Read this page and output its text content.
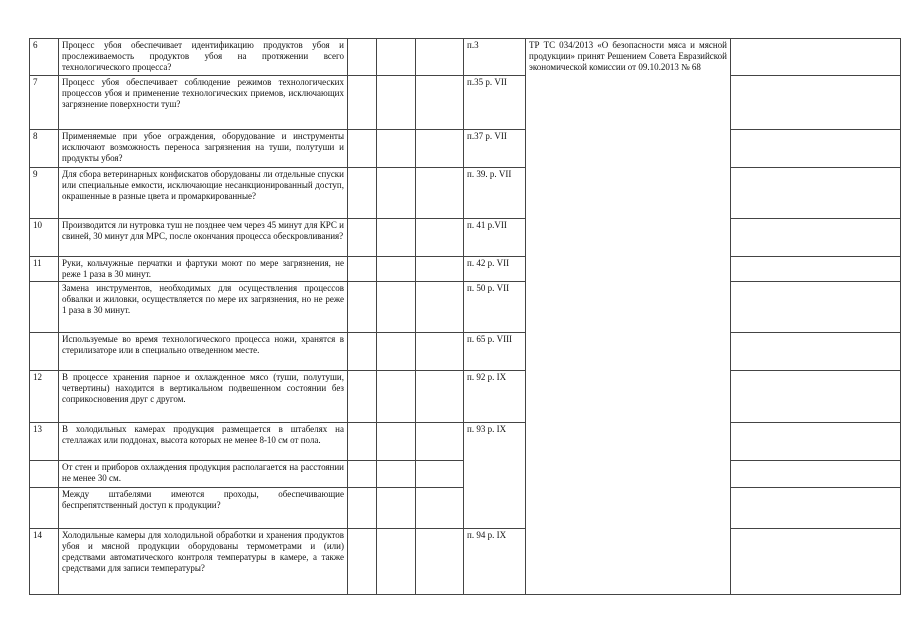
6	Процесс убоя обеспечивает идентификацию продуктов убоя и прослеживаемость продуктов убоя на протяжении всего технологического процесса?				п.3	ТР ТС 034/2013 «О безопасности мяса и мясной продукции» принят Решением Совета Евразийской экономической комиссии от 09.10.2013 № 68	
7	Процесс убоя обеспечивает соблюдение режимов технологических процессов убоя и применение технологических приемов, исключающих загрязнение поверхности туш?				п.35 р. VII		
8	Применяемые при убое ограждения, оборудование и инструменты исключают возможность переноса загрязнения на туши, полутуши и продукты убоя?				п.37 р. VII		
9	Для сбора ветеринарных конфискатов оборудованы ли отдельные спуски или специальные емкости, исключающие несанкционированный доступ, окрашенные в разные цвета и промаркированные?				п. 39. р. VII		
10	Производится ли нутровка туш не позднее чем через 45 минут для КРС и свиней, 30 минут для МРС, после окончания процесса обескровливания?				п. 41 р.VII		
11	Руки, кольчужные перчатки и фартуки моют по мере загрязнения, не реже 1 раза в 30 минут.				п. 42 р. VII		
	Замена инструментов, необходимых для осуществления процессов обвалки и жиловки, осуществляется по мере их загрязнения, но не реже 1 раза в 30 минут.				п. 50 р. VII		
	Используемые во время технологического процесса ножи, хранятся в стерилизаторе или в специально отведенном месте.				п. 65 р. VIII		
12	В процессе хранения парное и охлажденное мясо (туши, полутуши, четвертины) находится в вертикальном подвешенном состоянии без соприкосновения друг с другом.				п. 92 р. IX		
13	В холодильных камерах продукция размещается в штабелях на стеллажах или поддонах, высота которых не менее 8-10 см от пола.				п. 93 р. IX		
	От стен и приборов охлаждения продукция располагается на расстоянии не менее 30 см.						
	Между штабелями имеются проходы, обеспечивающие беспрепятственный доступ к продукции?						
14	Холодильные камеры для холодильной обработки и хранения продуктов убоя и мясной продукции оборудованы термометрами и (или) средствами автоматического контроля температуры в камере, а также средствами для записи температуры?				п. 94 р. IX		
